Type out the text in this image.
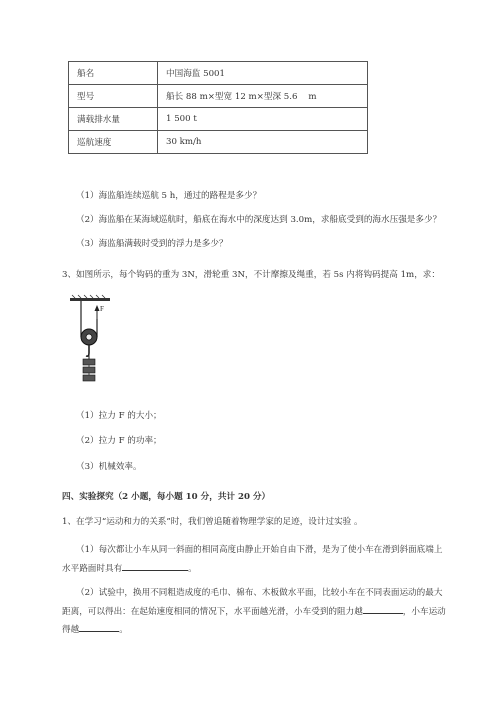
船名	中国海监 5001
型号	船长 88 m×型宽 12 m×型深 5.6    m
满载排水量	1 500 t
巡航速度	30 km/h
（1）海监船连续巡航 5 h，通过的路程是多少？
（2）海监船在某海域巡航时，船底在海水中的深度达到 3.0m，求船底受到的海水压强是多少？
（3）海监船满载时受到的浮力是多少？
3、如图所示，每个钩码的重为 3N，滑轮重 3N，不计摩擦及绳重，若 5s 内将钩码提高 1m，求：
F
（1）拉力 F 的大小；
（2）拉力 F 的功率；
（3）机械效率。
四、实验探究（2 小题，每小题 10 分，共计 20 分）
1、在学习“运动和力的关系”时，我们曾追随着物理学家的足迹，设计过实验 。
（1）每次都让小车从同一斜面的相同高度由静止开始自由下滑，是为了使小车在滑到斜面底端上
水平路面时具有	。
（2）试验中，换用不同粗造成度的毛巾、棉布、木板做水平面，比较小车在不同表面运动的最大
距离，可以得出：在起始速度相同的情况下，水平面越光滑，小车受到的阻力越	，小车运动
得越	。
